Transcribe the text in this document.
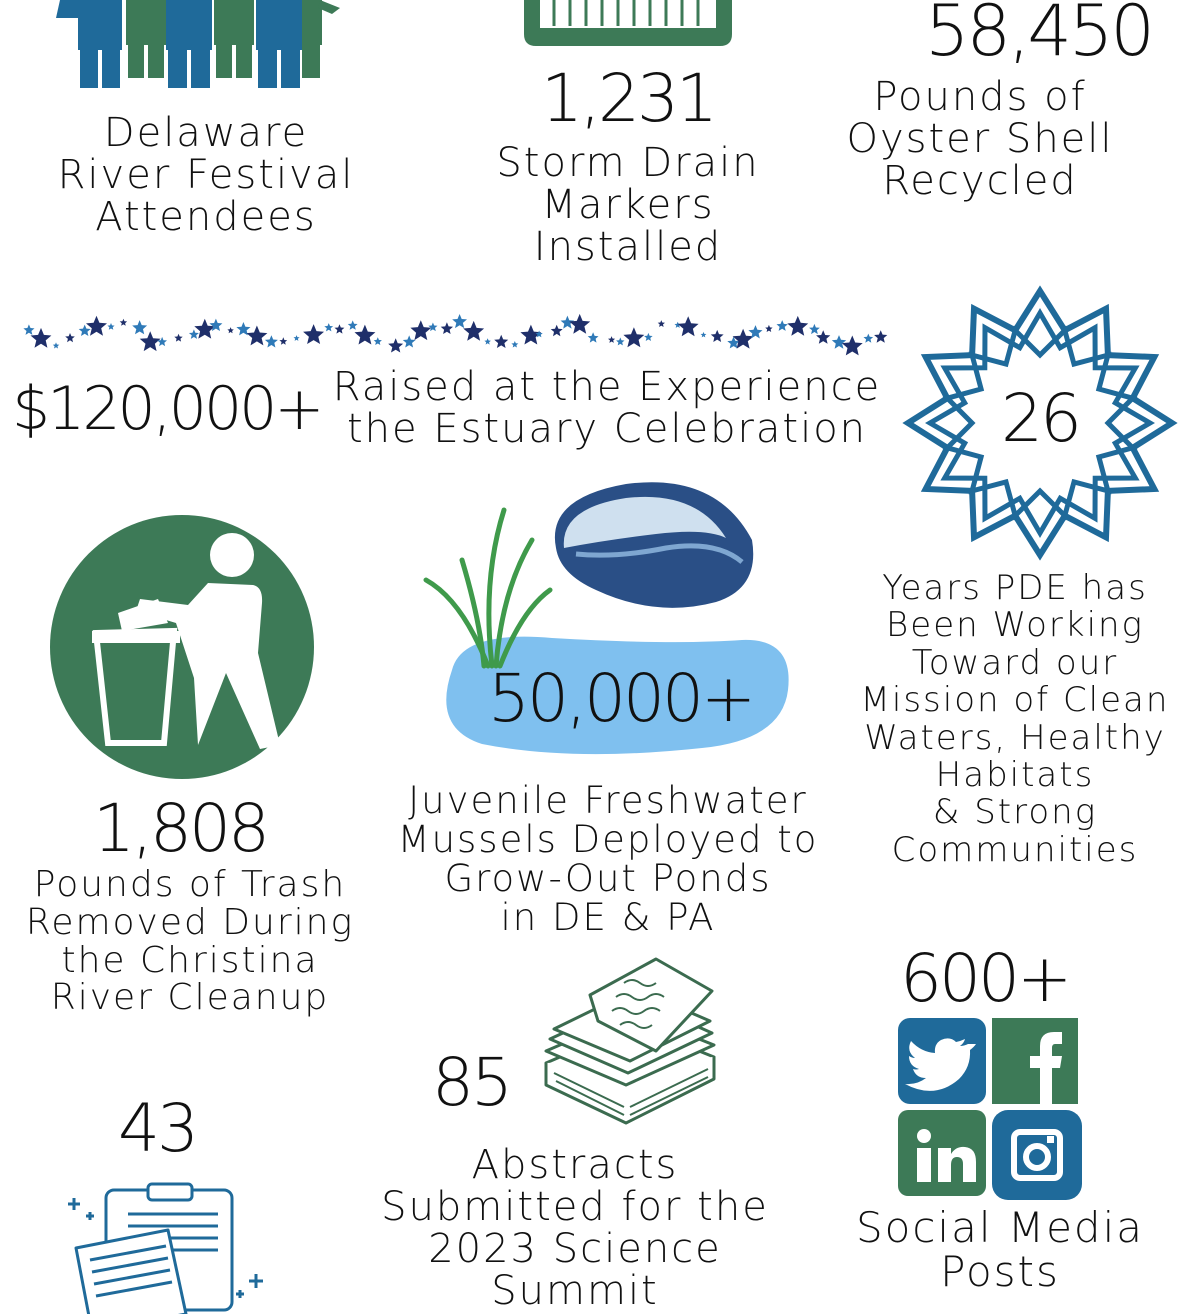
Delaware
River Festival
Attendees
1,231
Storm Drain
Markers
Installed
58,450
Pounds of
Oyster Shell
Recycled
$120,000+ Raised at the Experience
the Estuary Celebration	26
Years PDE has
Been Working
Toward our
Mission of Clean
Waters, Healthy
Habitats
& Strong
Communities
1,808
Pounds of Trash
Removed During
the Christina
River Cleanup
50,000+
Juvenile Freshwater
Mussels Deployed to
Grow-Out Ponds
in DE & PA
85
Abstracts
Submitted for the
2023 Science
Summit
600+
Social Media
Posts
43
